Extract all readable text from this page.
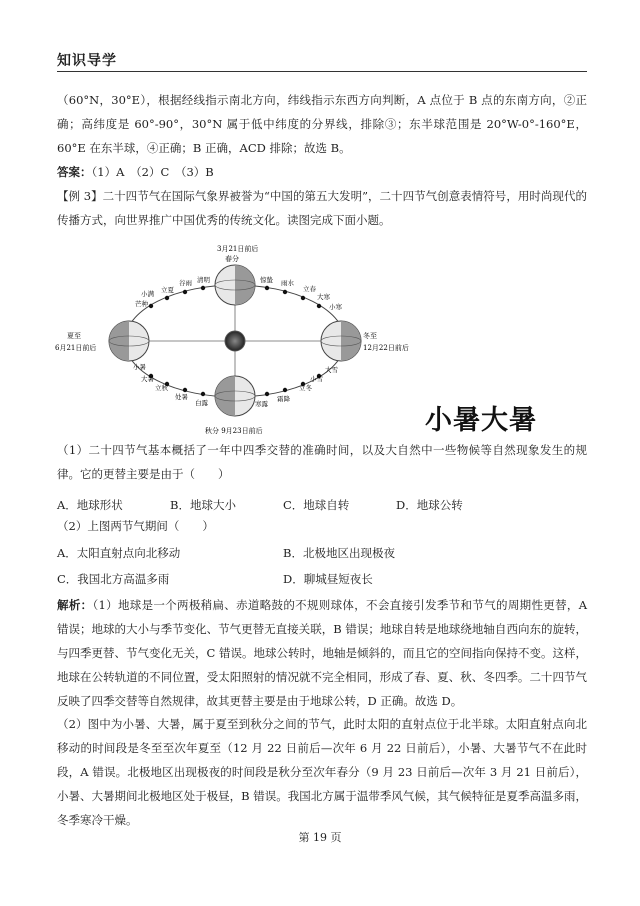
知识导学
（60°N，30°E），根据经线指示南北方向，纬线指示东西方向判断，A 点位于 B 点的东南方向，②正确；高纬度是 60°-90°，30°N 属于低中纬度的分界线，排除③；东半球范围是 20°W-0°-160°E，60°E 在东半球，④正确；B 正确，ACD 排除；故选 B。
答案：（1）A　（2）C　（3）B
【例 3】二十四节气在国际气象界被誉为“中国的第五大发明”，二十四节气创意表情符号，用时尚现代的传播方式，向世界推广中国优秀的传统文化。读图完成下面小题。
3月21日前后
春分
夏至
6月21日前后
冬至
12月22日前后
秋分 9月23日前后
清明
谷雨
立夏
小满
芒种
惊蛰 雨水
立春
大寒
小寒
大雪
小雪
立冬
霜降
寒露
白露
处暑
立秋
大暑
小暑
小暑大暑
（1）二十四节气基本概括了一年中四季交替的准确时间，以及大自然中一些物候等自然现象发生的规律。它的更替主要是由于（　　）
A．地球形状	B．地球大小	C．地球自转	D．地球公转
（2）上图两节气期间（　　）
A．太阳直射点向北移动	B．北极地区出现极夜
C．我国北方高温多雨	D．聊城昼短夜长
解析：（1）地球是一个两极稍扁、赤道略鼓的不规则球体，不会直接引发季节和节气的周期性更替，A 错误；地球的大小与季节变化、节气更替无直接关联，B 错误；地球自转是地球绕地轴自西向东的旋转，与四季更替、节气变化无关，C 错误。地球公转时，地轴是倾斜的，而且它的空间指向保持不变。这样，地球在公转轨道的不同位置，受太阳照射的情况就不完全相同，形成了春、夏、秋、冬四季。二十四节气反映了四季交替等自然规律，故其更替主要是由于地球公转，D 正确。故选 D。
（2）图中为小暑、大暑，属于夏至到秋分之间的节气，此时太阳的直射点位于北半球。太阳直射点向北移动的时间段是冬至至次年夏至（12 月 22 日前后—次年 6 月 22 日前后），小暑、大暑节气不在此时段，A 错误。北极地区出现极夜的时间段是秋分至次年春分（9 月 23 日前后—次年 3 月 21 日前后），小暑、大暑期间北极地区处于极昼，B 错误。我国北方属于温带季风气候，其气候特征是夏季高温多雨，冬季寒冷干燥。
第 19 页
